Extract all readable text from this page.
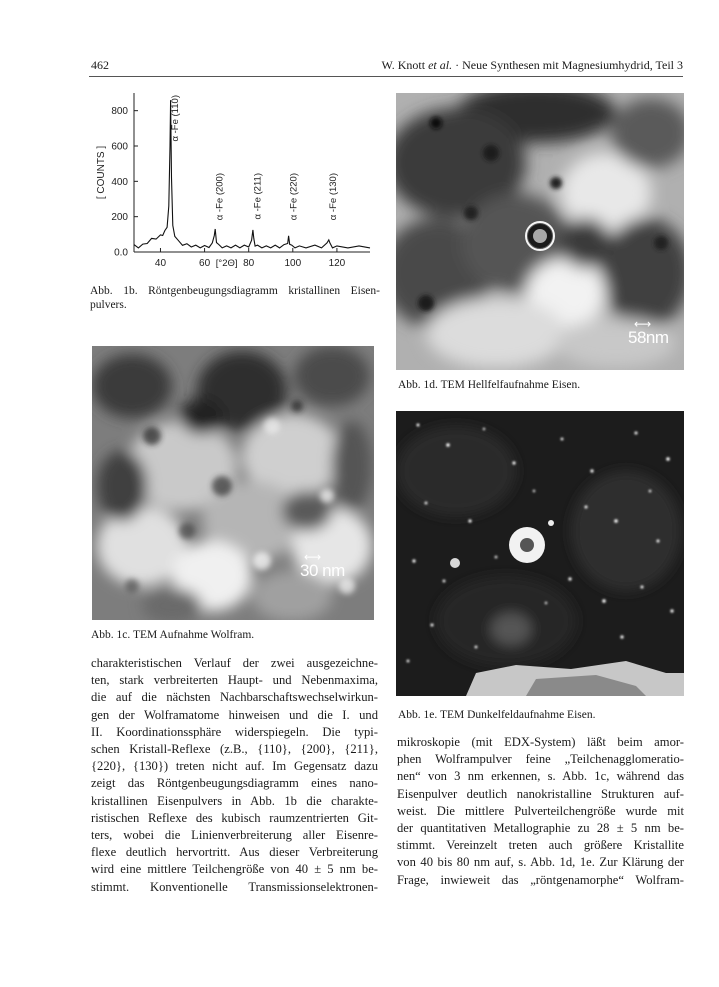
462	W. Knott et al. · Neue Synthesen mit Magnesiumhydrid, Teil 3
0.0
200
400
600
800
40	60	80	100	120
[°2Θ]
[ COUNTS ]
α -Fe (110)
α -Fe (200)	α -Fe (211)	α -Fe (220)	α -Fe (130)
Abb. 1b. Röntgenbeugungsdiagramm kristallinen Eisen-
pulvers.
⟷
30 nm
Abb. 1c. TEM Aufnahme Wolfram.
⟷
58nm
Abb. 1d. TEM Hellfelfaufnahme Eisen.
Abb. 1e. TEM Dunkelfeldaufnahme Eisen.
charakteristischen Verlauf der zwei ausgezeichne-
ten, stark verbreiterten Haupt- und Nebenmaxima,
die auf die nächsten Nachbarschaftswechselwirkun-
gen der Wolframatome hinweisen und die I. und
II. Koordinationssphäre widerspiegeln. Die typi-
schen Kristall-Reflexe (z.B., {110}, {200}, {211},
{220}, {130}) treten nicht auf. Im Gegensatz dazu
zeigt das Röntgenbeugungsdiagramm eines nano-
kristallinen Eisenpulvers in Abb. 1b die charakte-
ristischen Reflexe des kubisch raumzentrierten Git-
ters, wobei die Linienverbreiterung aller Eisenre-
flexe deutlich hervortritt. Aus dieser Verbreiterung
wird eine mittlere Teilchengröße von 40 ± 5 nm be-
stimmt. Konventionelle Transmissionselektronen-
mikroskopie (mit EDX-System) läßt beim amor-
phen Wolframpulver feine „Teilchenagglomeratio-
nen“ von 3 nm erkennen, s. Abb. 1c, während das
Eisenpulver deutlich nanokristalline Strukturen auf-
weist. Die mittlere Pulverteilchengröße wurde mit
der quantitativen Metallographie zu 28 ± 5 nm be-
stimmt. Vereinzelt treten auch größere Kristallite
von 40 bis 80 nm auf, s. Abb. 1d, 1e. Zur Klärung der
Frage, inwieweit das „röntgenamorphe“ Wolfram-
